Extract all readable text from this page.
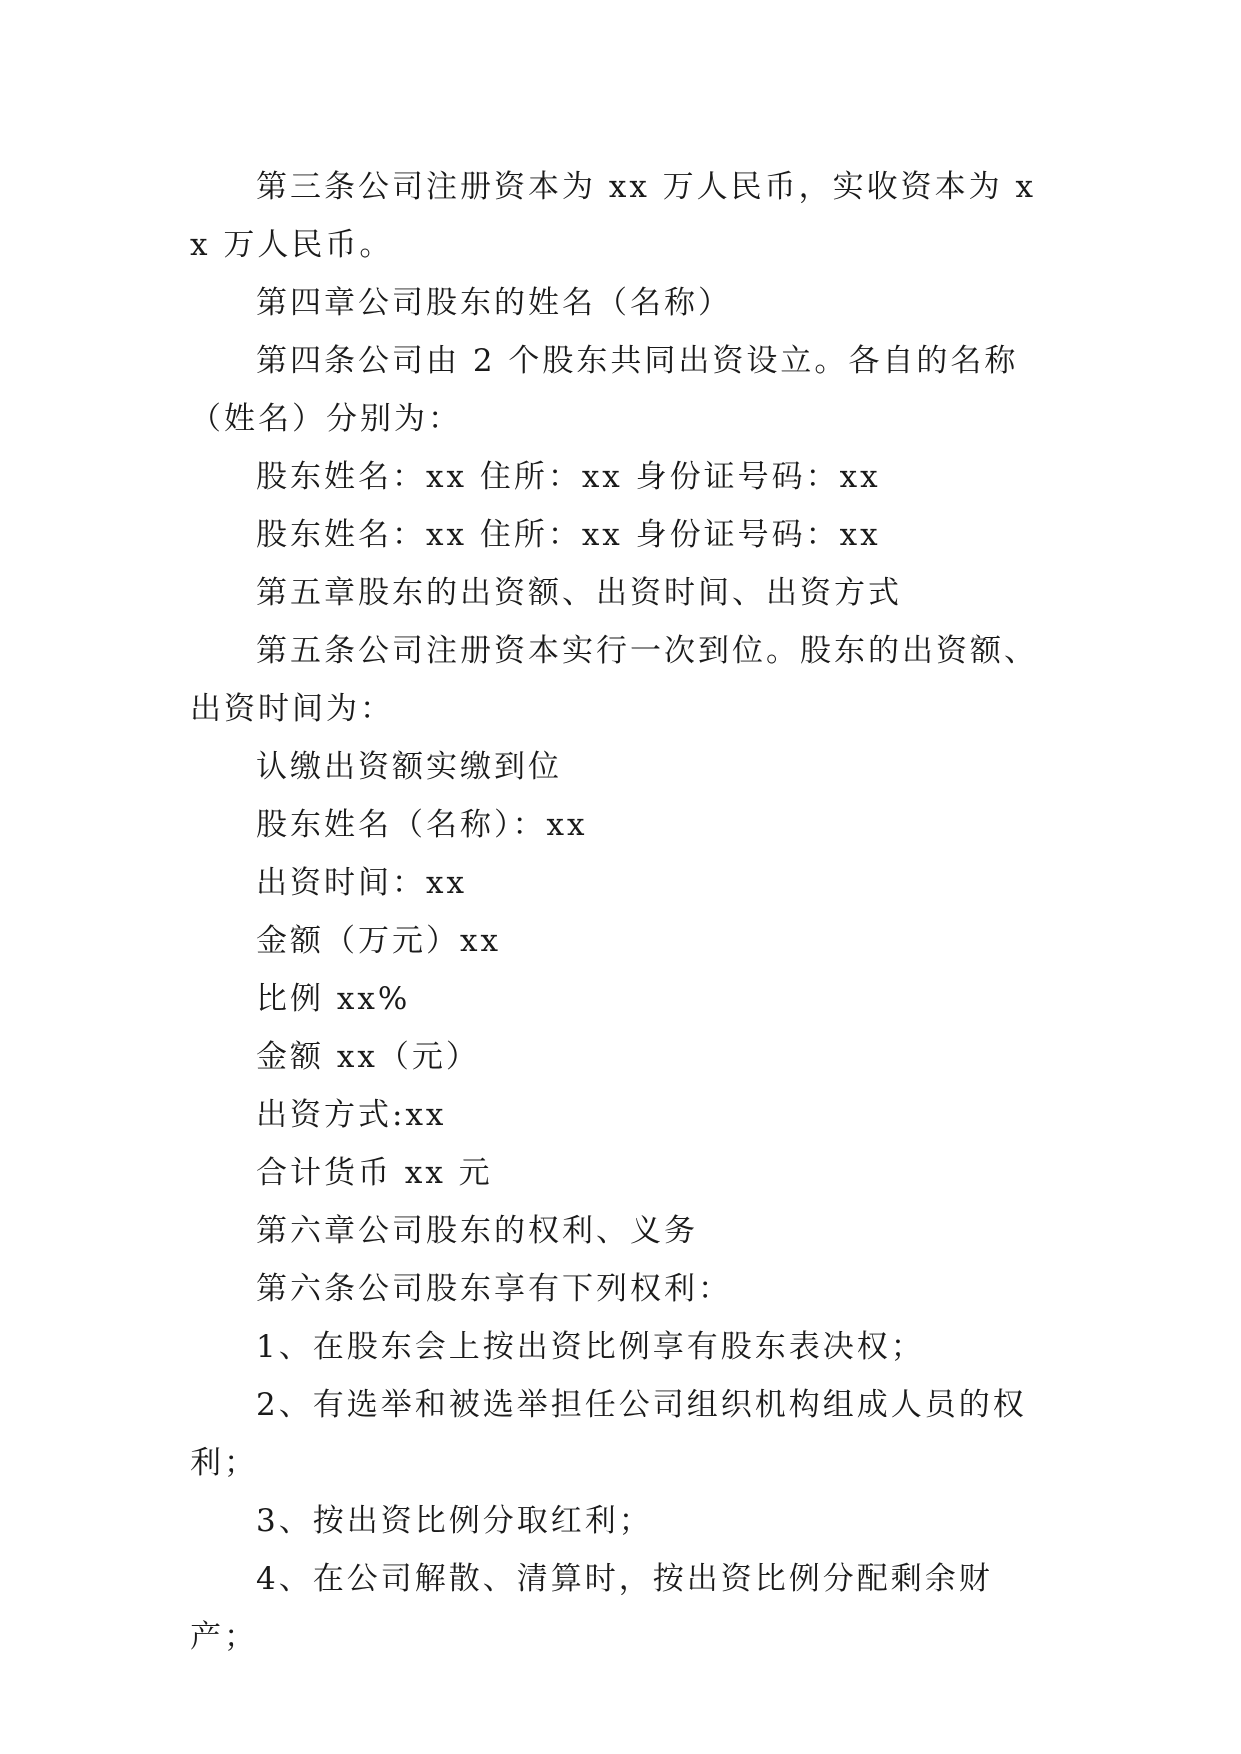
第三条公司注册资本为 xx 万人民币，实收资本为 xx 万人民币。

第四章公司股东的姓名（名称）

第四条公司由 2 个股东共同出资设立。各自的名称（姓名）分别为：

股东姓名：xx 住所：xx 身份证号码：xx

股东姓名：xx 住所：xx 身份证号码：xx

第五章股东的出资额、出资时间、出资方式

第五条公司注册资本实行一次到位。股东的出资额、出资时间为：

认缴出资额实缴到位

股东姓名（名称）：xx

出资时间：xx

金额（万元）xx

比例 xx%

金额 xx（元）

出资方式:xx

合计货币 xx 元

第六章公司股东的权利、义务

第六条公司股东享有下列权利：

1、在股东会上按出资比例享有股东表决权；

2、有选举和被选举担任公司组织机构组成人员的权利；

3、按出资比例分取红利；

4、在公司解散、清算时，按出资比例分配剩余财产；
